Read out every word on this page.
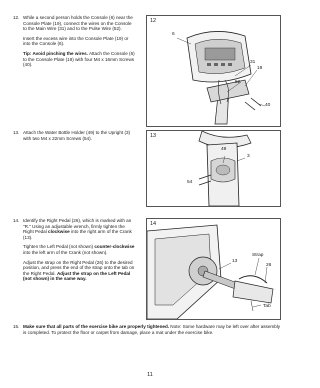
12. While a second person holds the Console (6) near the Console Plate (19), connect the wires on the Console to the Main Wire (31) and to the Pulse Wire (52).

Insert the excess wire into the Console Plate (19) or into the Console (6).

Tip: Avoid pinching the wires. Attach the Console (6) to the Console Plate (19) with four M4 x 16mm Screws (40).

12
6
31
19
52
40
13. Attach the Water Bottle Holder (49) to the Upright (3) with two M4 x 22mm Screws (54).	13
49
3
54
14. Identify the Right Pedal (26), which is marked with an "R." Using an adjustable wrench, firmly tighten the Right Pedal clockwise into the right arm of the Crank (13).

Tighten the Left Pedal (not shown) counter-clockwise into the left arm of the Crank (not shown).

Adjust the strap on the Right Pedal (26) to the desired position, and press the end of the strap onto the tab on the Right Pedal. Adjust the strap on the Left Pedal (not shown) in the same way.

14
13
Strap
26
Tab
15. Make sure that all parts of the exercise bike are properly tightened. Note: Some hardware may be left over after assembly is completed. To protect the floor or carpet from damage, place a mat under the exercise bike.
11
